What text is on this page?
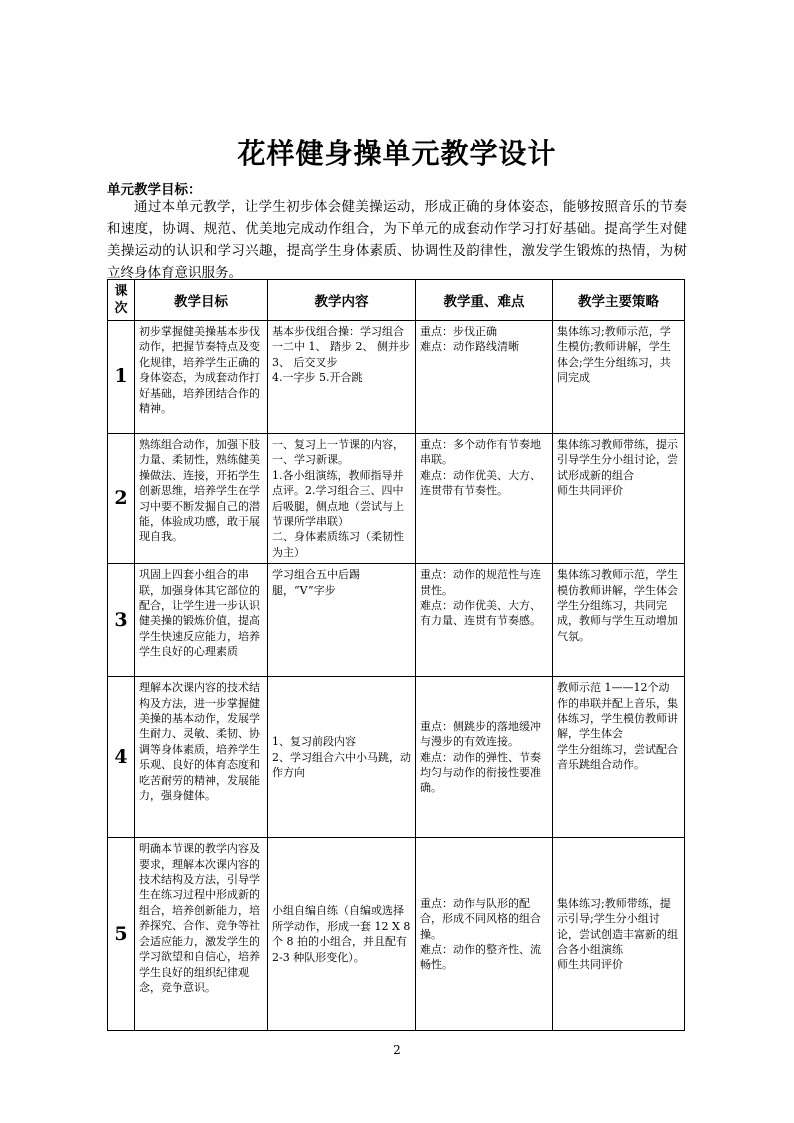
花样健身操单元教学设计
单元教学目标：

通过本单元教学，让学生初步体会健美操运动，形成正确的身体姿态，能够按照音乐的节奏和速度，协调、规范、优美地完成动作组合，为下单元的成套动作学习打好基础。提高学生对健美操运动的认识和学习兴趣，提高学生身体素质、协调性及韵律性，激发学生锻炼的热情，为树立终身体育意识服务。

课
次	教学目标	教学内容	教学重、难点	教学主要策略
1	初步掌握健美操基本步伐动作，把握节奏特点及变化规律，培养学生正确的身体姿态，为成套动作打好基础，培养团结合作的精神。	基本步伐组合操：学习组合一二中 1、 踏步 2、 侧并步 3、 后交叉步
4.一字步 5.开合跳	重点：步伐正确
难点：动作路线清晰	集体练习;教师示范，学生模仿;教师讲解，学生体会;学生分组练习，共同完成
2	熟练组合动作，加强下肢力量、柔韧性，熟练健美操做法、连接，开拓学生创新思维，培养学生在学习中要不断发掘自己的潜能，体验成功感，敢于展现自我。	一、复习上一节课的内容，
一、学习新课。
1.各小组演练，教师指导并点评。2.学习组合三、四中后吸腿，侧点地（尝试与上节课所学串联）
二、身体素质练习（柔韧性为主）	重点：多个动作有节奏地串联。
难点：动作优美、大方、连贯带有节奏性。	集体练习教师带练，提示引导学生分小组讨论，尝试形成新的组合
师生共同评价
3	巩固上四套小组合的串联，加强身体其它部位的配合，让学生进一步认识健美操的锻炼价值，提高学生快速反应能力，培养学生良好的心理素质	学习组合五中后踢腿，“V”字步	重点：动作的规范性与连贯性。
难点：动作优美、大方、有力量、连贯有节奏感。	集体练习教师示范，学生模仿教师讲解，学生体会
学生分组练习，共同完成，教师与学生互动增加气氛。
4	理解本次课内容的技术结构及方法，进一步掌握健美操的基本动作，发展学生耐力、灵敏、柔韧、协调等身体素质，培养学生乐观、良好的体育态度和吃苦耐劳的精神，发展能力，强身健体。	1、复习前段内容
2、学习组合六中小马跳，动作方向	重点：侧跳步的落地缓冲与漫步的有效连接。
难点：动作的弹性、节奏均匀与动作的衔接性要准确。	教师示范 1——12个动作的串联并配上音乐，集体练习，学生模仿教师讲解，学生体会
学生分组练习，尝试配合音乐跳组合动作。
5	明确本节课的教学内容及要求，理解本次课内容的技术结构及方法，引导学生在练习过程中形成新的组合，培养创新能力，培养探究、合作、竞争等社会适应能力，激发学生的学习欲望和自信心，培养学生良好的组织纪律观念，竞争意识。	小组自编自练（自编或选择所学动作，形成一套 12 X 8 个 8 拍的小组合，并且配有 2-3 种队形变化）。	重点：动作与队形的配合，形成不同风格的组合操。
难点：动作的整齐性、流畅性。	集体练习;教师带练，提示引导;学生分小组讨论，尝试创造丰富新的组合各小组演练
师生共同评价
2
